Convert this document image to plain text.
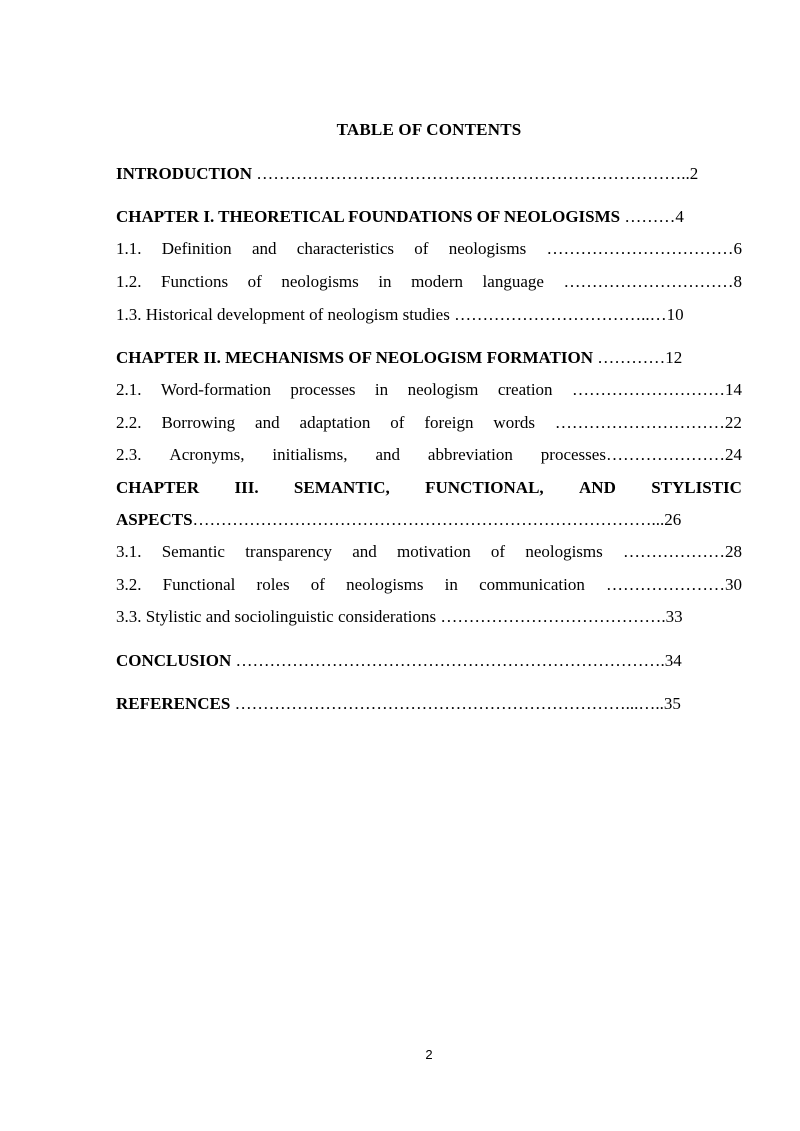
TABLE OF CONTENTS
INTRODUCTION …………………………………………………………………..2
CHAPTER I. THEORETICAL FOUNDATIONS OF NEOLOGISMS ………4
1.1. Definition and characteristics of neologisms ……………………………6
1.2. Functions of neologisms in modern language …………………………8
1.3. Historical development of neologism studies ……………………………..…10
CHAPTER II. MECHANISMS OF NEOLOGISM FORMATION …………12
2.1. Word-formation processes in neologism creation ………………………14
2.2. Borrowing and adaptation of foreign words …………………………22
2.3. Acronyms, initialisms, and abbreviation processes…………………24
CHAPTER III. SEMANTIC, FUNCTIONAL, AND STYLISTIC
ASPECTS………………………………………………………………………...26
3.1. Semantic transparency and motivation of neologisms ………………28
3.2. Functional roles of neologisms in communication …………………30
3.3. Stylistic and sociolinguistic considerations ………………………………….33
CONCLUSION ………………………………………………………………….34
REFERENCES ……………………………………………………………...…..35
2
